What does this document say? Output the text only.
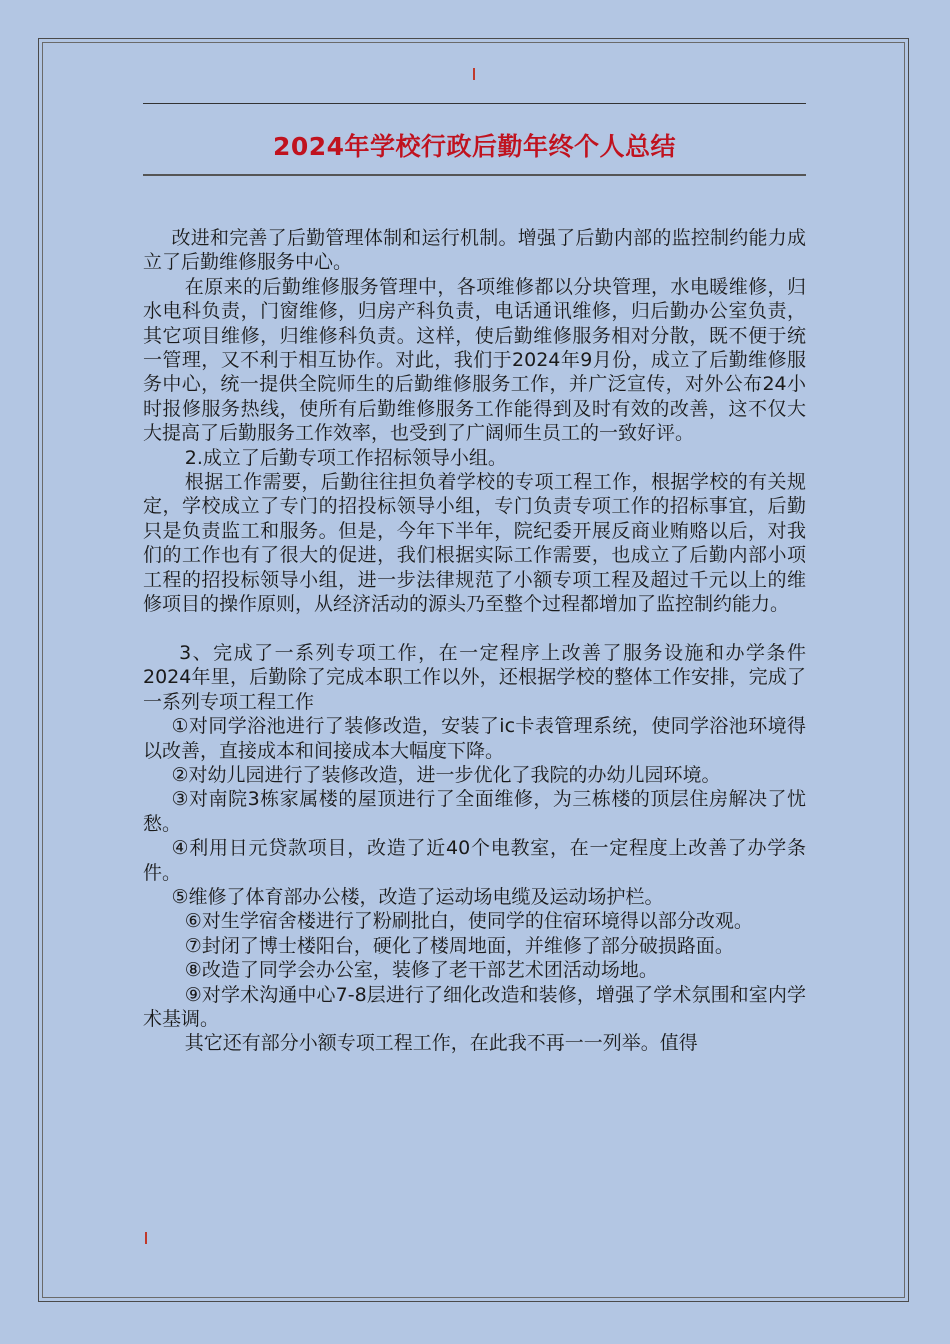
2024年学校行政后勤年终个人总结

改进和完善了后勤管理体制和运行机制。增强了后勤内部的监控制约能力成立了后勤维修服务中心。

在原来的后勤维修服务管理中，各项维修都以分块管理，水电暖维修，归水电科负责，门窗维修，归房产科负责，电话通讯维修，归后勤办公室负责，其它项目维修，归维修科负责。这样，使后勤维修服务相对分散，既不便于统一管理，又不利于相互协作。对此，我们于2024年9月份，成立了后勤维修服务中心，统一提供全院师生的后勤维修服务工作，并广泛宣传，对外公布24小时报修服务热线，使所有后勤维修服务工作能得到及时有效的改善，这不仅大大提高了后勤服务工作效率，也受到了广阔师生员工的一致好评。

2.成立了后勤专项工作招标领导小组。

根据工作需要，后勤往往担负着学校的专项工程工作，根据学校的有关规定，学校成立了专门的招投标领导小组，专门负责专项工作的招标事宜，后勤只是负责监工和服务。但是，今年下半年，院纪委开展反商业贿赂以后，对我们的工作也有了很大的促进，我们根据实际工作需要，也成立了后勤内部小项工程的招投标领导小组，进一步法律规范了小额专项工程及超过千元以上的维修项目的操作原则，从经济活动的源头乃至整个过程都增加了监控制约能力。

3、完成了一系列专项工作，在一定程序上改善了服务设施和办学条件2024年里，后勤除了完成本职工作以外，还根据学校的整体工作安排，完成了一系列专项工程工作

①对同学浴池进行了装修改造，安装了ic卡表管理系统，使同学浴池环境得以改善，直接成本和间接成本大幅度下降。

②对幼儿园进行了装修改造，进一步优化了我院的办幼儿园环境。

③对南院3栋家属楼的屋顶进行了全面维修，为三栋楼的顶层住房解决了忧愁。

④利用日元贷款项目，改造了近40个电教室，在一定程度上改善了办学条件。

⑤维修了体育部办公楼，改造了运动场电缆及运动场护栏。

⑥对生学宿舍楼进行了粉刷批白，使同学的住宿环境得以部分改观。

⑦封闭了博士楼阳台，硬化了楼周地面，并维修了部分破损路面。

⑧改造了同学会办公室，装修了老干部艺术团活动场地。

⑨对学术沟通中心7-8层进行了细化改造和装修，增强了学术氛围和室内学术基调。

其它还有部分小额专项工程工作，在此我不再一一列举。值得
